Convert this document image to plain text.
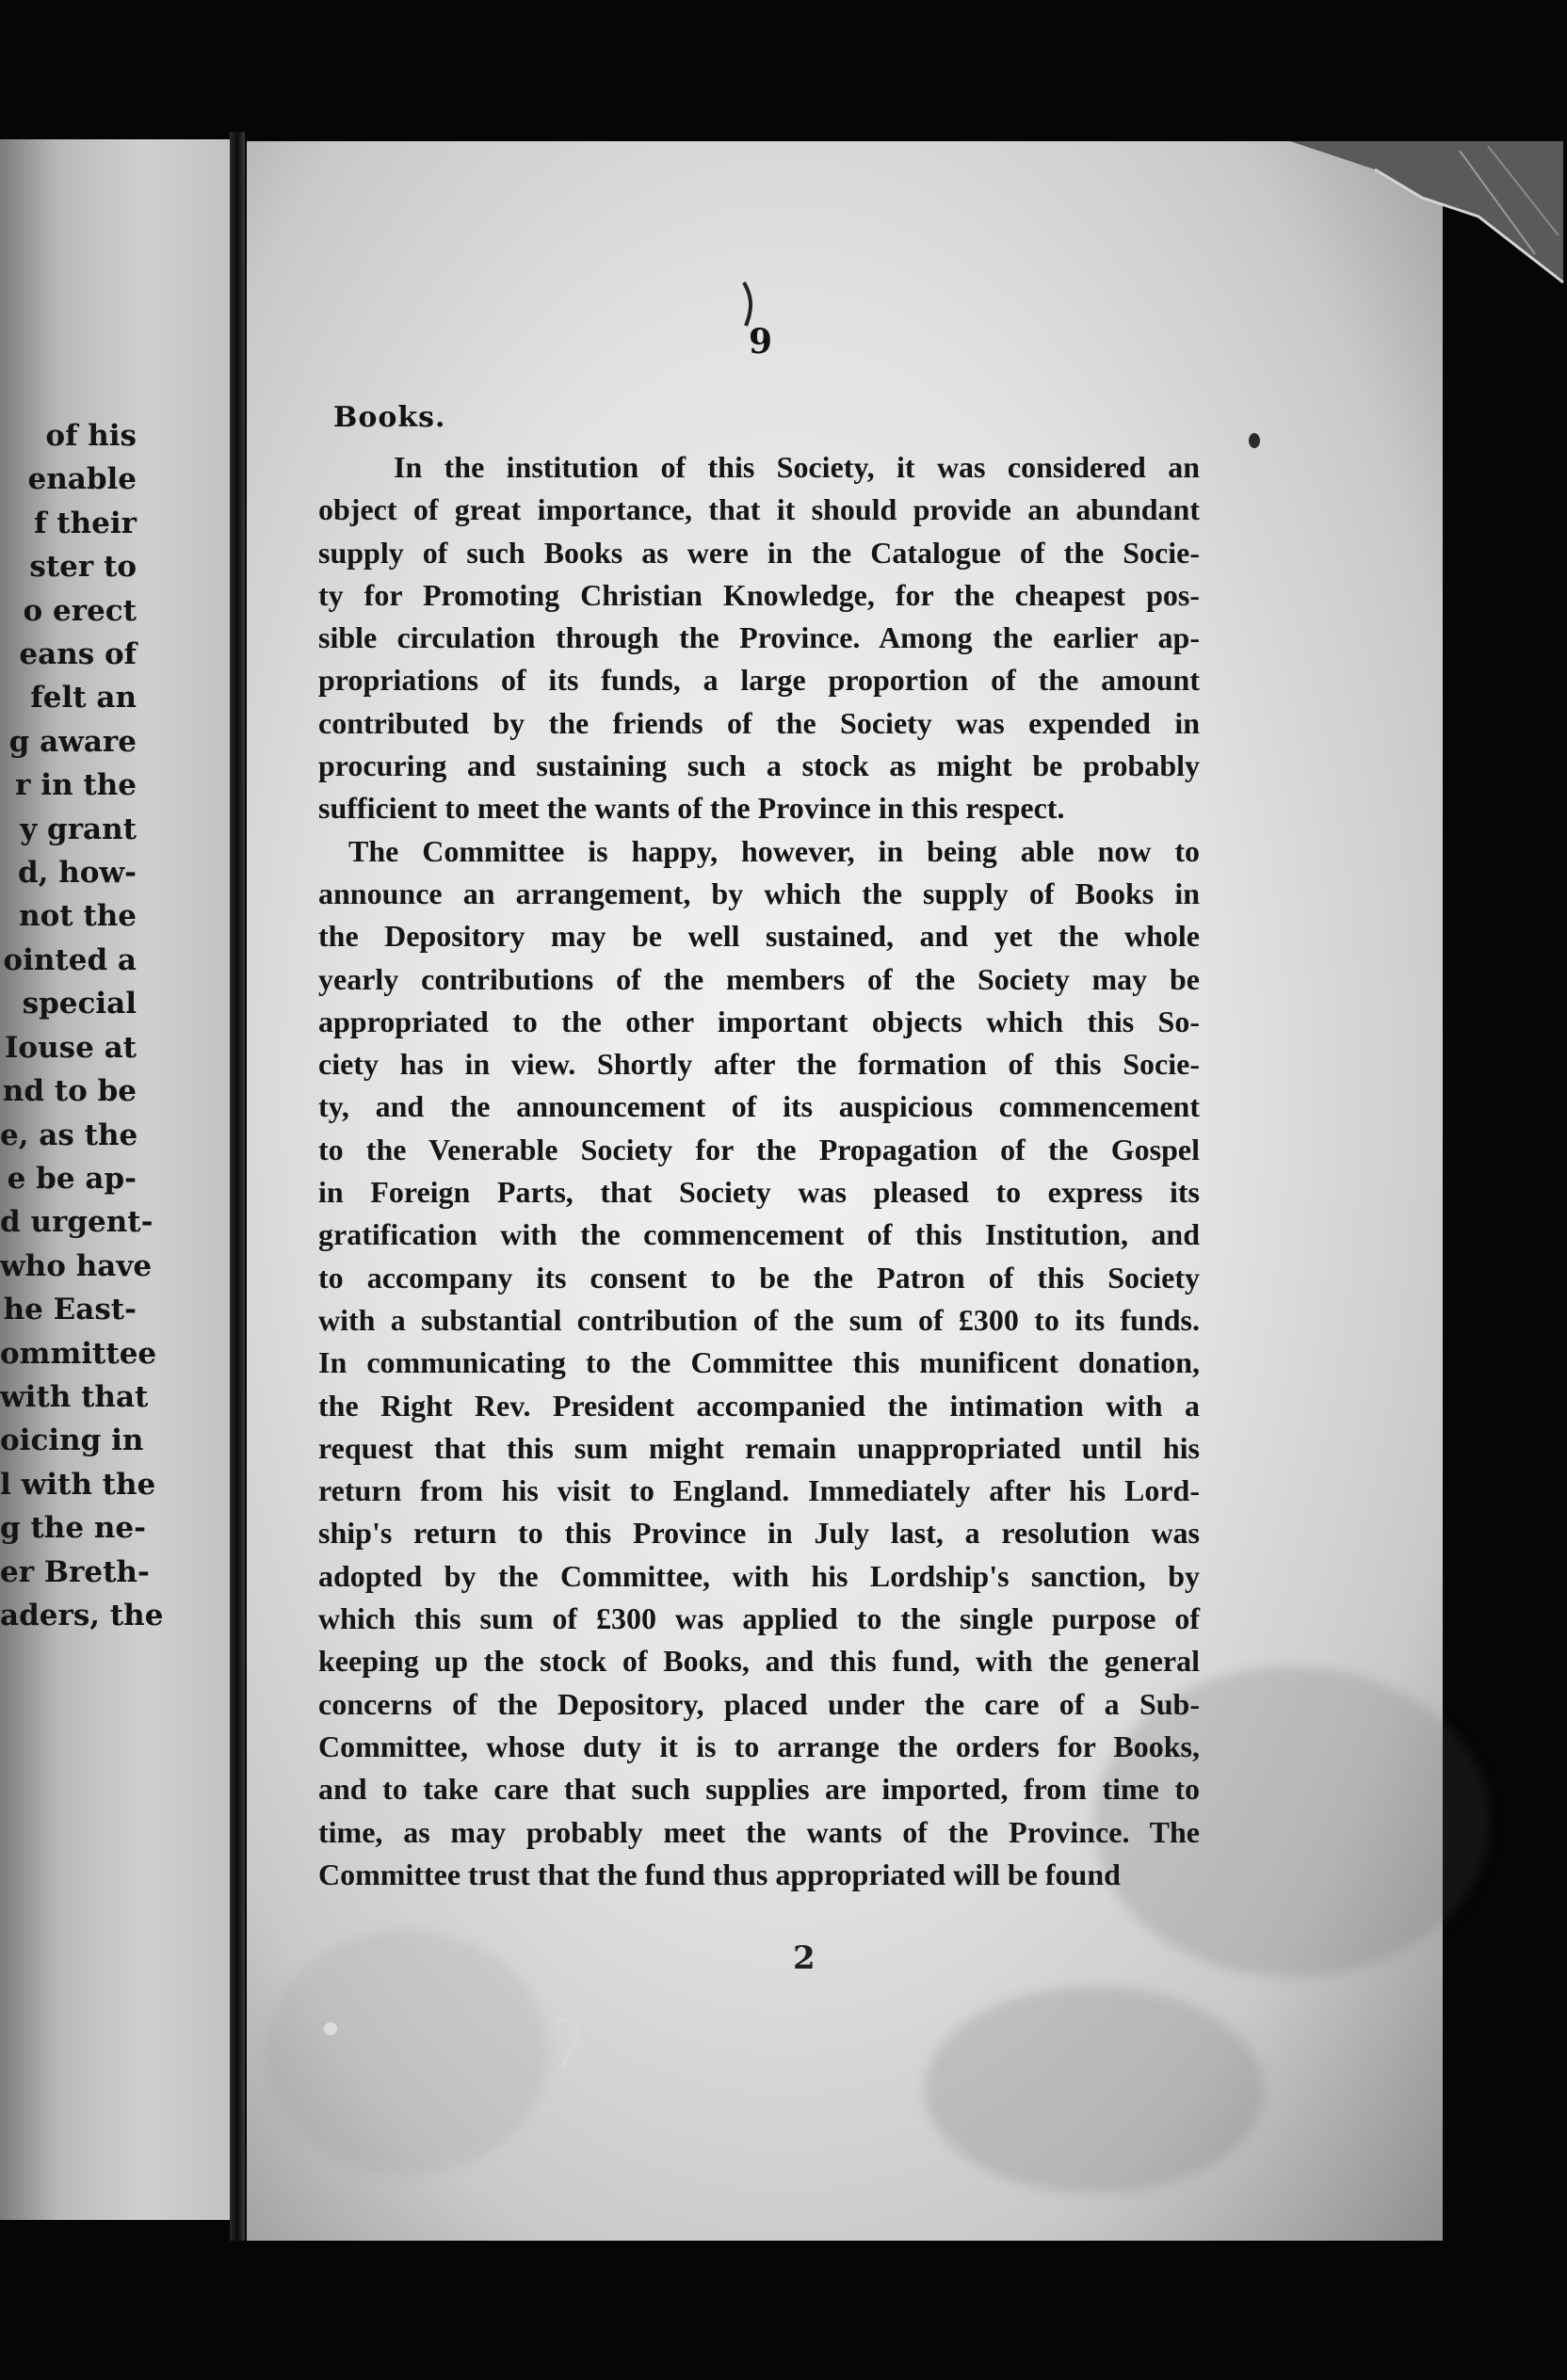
of his
enable
f their
ster to
o erect
eans of
felt an
g aware
r in the
y grant
d, how-
not the
ointed a
special
Iouse at
nd to be
e, as the
e be ap-
d urgent-
who have
he East-
ommittee
with that
oicing in
l with the
g the ne-
er Breth-
aders, the
9
Books.
In the institution of this Society, it was considered an
object of great importance, that it should provide an abundant
supply of such Books as were in the Catalogue of the Socie-
ty for Promoting Christian Knowledge, for the cheapest pos-
sible circulation through the Province. Among the earlier ap-
propriations of its funds, a large proportion of the amount
contributed by the friends of the Society was expended in
procuring and sustaining such a stock as might be probably
sufficient to meet the wants of the Province in this respect.
The Committee is happy, however, in being able now to
announce an arrangement, by which the supply of Books in
the Depository may be well sustained, and yet the whole
yearly contributions of the members of the Society may be
appropriated to the other important objects which this So-
ciety has in view. Shortly after the formation of this Socie-
ty, and the announcement of its auspicious commencement
to the Venerable Society for the Propagation of the Gospel
in Foreign Parts, that Society was pleased to express its
gratification with the commencement of this Institution, and
to accompany its consent to be the Patron of this Society
with a substantial contribution of the sum of £300 to its funds.
In communicating to the Committee this munificent donation,
the Right Rev. President accompanied the intimation with a
request that this sum might remain unappropriated until his
return from his visit to England. Immediately after his Lord-
ship's return to this Province in July last, a resolution was
adopted by the Committee, with his Lordship's sanction, by
which this sum of £300 was applied to the single purpose of
keeping up the stock of Books, and this fund, with the general
concerns of the Depository, placed under the care of a Sub-
Committee, whose duty it is to arrange the orders for Books,
and to take care that such supplies are imported, from time to
time, as may probably meet the wants of the Province. The
Committee trust that the fund thus appropriated will be found
2
